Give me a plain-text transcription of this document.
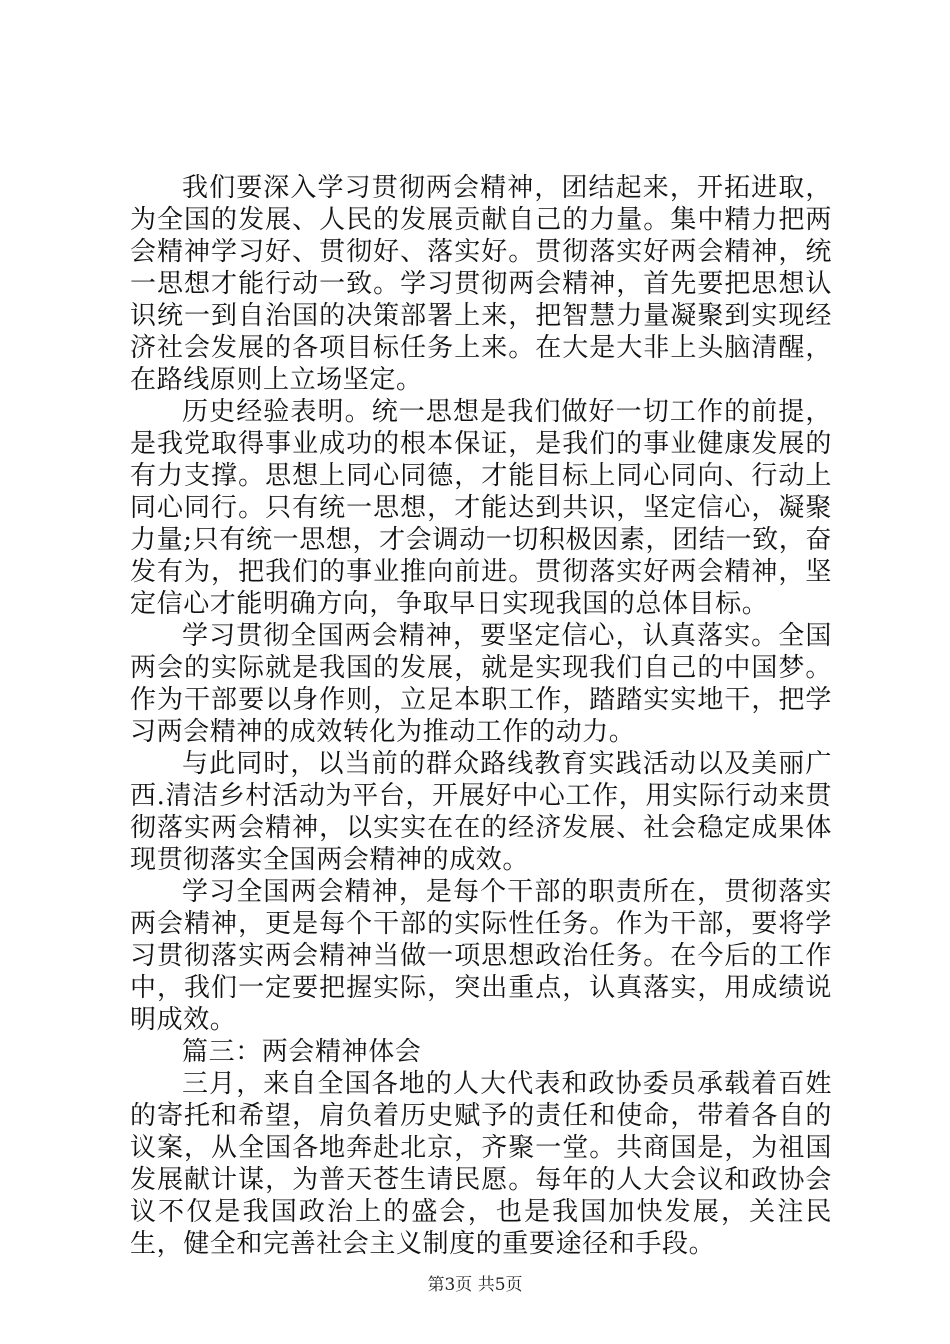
我们要深入学习贯彻两会精神，团结起来，开拓进取，为全国的发展、人民的发展贡献自己的力量。集中精力把两会精神学习好、贯彻好、落实好。贯彻落实好两会精神，统一思想才能行动一致。学习贯彻两会精神，首先要把思想认识统一到自治国的决策部署上来，把智慧力量凝聚到实现经济社会发展的各项目标任务上来。在大是大非上头脑清醒，在路线原则上立场坚定。

历史经验表明。统一思想是我们做好一切工作的前提，是我党取得事业成功的根本保证，是我们的事业健康发展的有力支撑。思想上同心同德，才能目标上同心同向、行动上同心同行。只有统一思想，才能达到共识，坚定信心，凝聚力量;只有统一思想，才会调动一切积极因素，团结一致，奋发有为，把我们的事业推向前进。贯彻落实好两会精神，坚定信心才能明确方向，争取早日实现我国的总体目标。

学习贯彻全国两会精神，要坚定信心，认真落实。全国两会的实际就是我国的发展，就是实现我们自己的中国梦。作为干部要以身作则，立足本职工作，踏踏实实地干，把学习两会精神的成效转化为推动工作的动力。

与此同时，以当前的群众路线教育实践活动以及美丽广西.清洁乡村活动为平台，开展好中心工作，用实际行动来贯彻落实两会精神，以实实在在的经济发展、社会稳定成果体现贯彻落实全国两会精神的成效。

学习全国两会精神，是每个干部的职责所在，贯彻落实两会精神，更是每个干部的实际性任务。作为干部，要将学习贯彻落实两会精神当做一项思想政治任务。在今后的工作中，我们一定要把握实际，突出重点，认真落实，用成绩说明成效。

篇三：两会精神体会

三月，来自全国各地的人大代表和政协委员承载着百姓的寄托和希望，肩负着历史赋予的责任和使命，带着各自的议案，从全国各地奔赴北京，齐聚一堂。共商国是，为祖国发展献计谋，为普天苍生请民愿。每年的人大会议和政协会议不仅是我国政治上的盛会，也是我国加快发展，关注民生，健全和完善社会主义制度的重要途径和手段。

第3页 共5页
